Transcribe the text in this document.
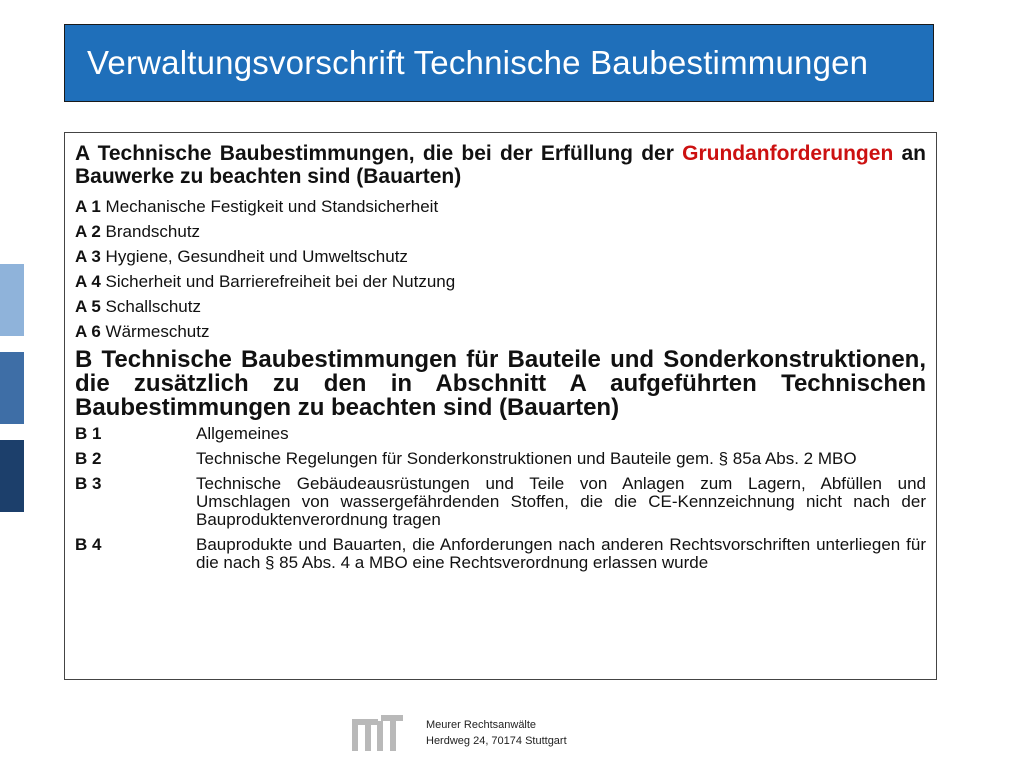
Verwaltungsvorschrift Technische Baubestimmungen
A Technische Baubestimmungen, die bei der Erfüllung der Grundanforderungen an Bauwerke zu beachten sind (Bauarten)
A 1 Mechanische Festigkeit und Standsicherheit
A 2 Brandschutz
A 3 Hygiene, Gesundheit und Umweltschutz
A 4 Sicherheit und Barrierefreiheit bei der Nutzung
A 5 Schallschutz
A 6 Wärmeschutz
B Technische Baubestimmungen für Bauteile und Sonderkonstruktionen, die zusätzlich zu den in Abschnitt A aufgeführten Technischen Baubestimmungen zu beachten sind (Bauarten)
B 1	Allgemeines
B 2	Technische Regelungen für Sonderkonstruktionen und Bauteile gem. § 85a Abs. 2 MBO
B 3	Technische Gebäudeausrüstungen und Teile von Anlagen zum Lagern, Abfüllen und Umschlagen von wassergefährdenden Stoffen, die die CE-Kennzeichnung nicht nach der Bauproduktenverordnung tragen
B 4	Bauprodukte und Bauarten, die Anforderungen nach anderen Rechtsvorschriften unterliegen für die nach § 85 Abs. 4 a MBO eine Rechtsverordnung erlassen wurde
Meurer Rechtsanwälte
Herdweg 24, 70174 Stuttgart
